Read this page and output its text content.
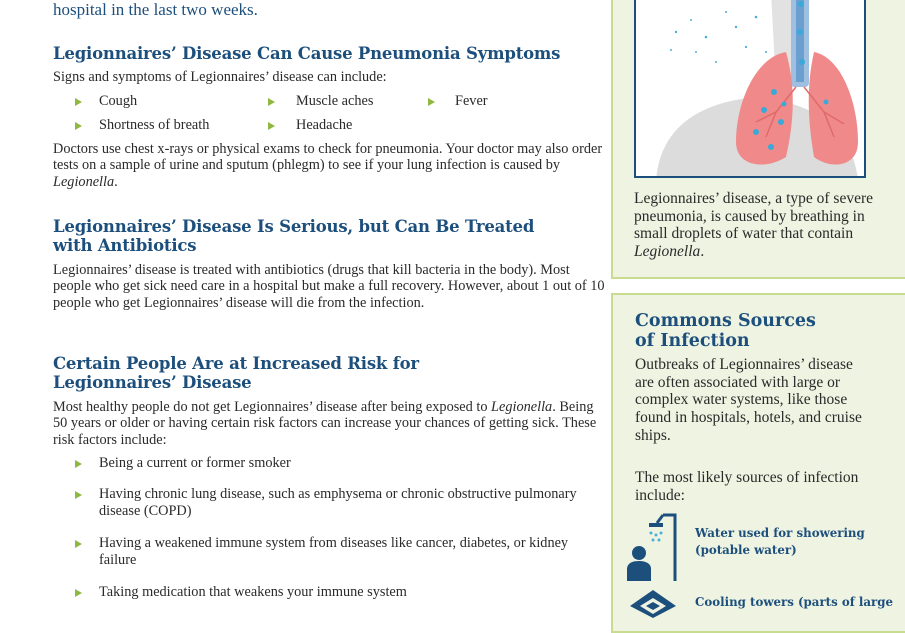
hospital in the last two weeks.

Legionnaires’ Disease Can Cause Pneumonia Symptoms

Signs and symptoms of Legionnaires’ disease can include:

Cough	Muscle aches	Fever
Shortness of breath	Headache

Doctors use chest x-rays or physical exams to check for pneumonia. Your doctor may also order tests on a sample of urine and sputum (phlegm) to see if your lung infection is caused by Legionella.

Legionnaires’ Disease Is Serious, but Can Be Treated
with Antibiotics

Legionnaires’ disease is treated with antibiotics (drugs that kill bacteria in the body). Most people who get sick need care in a hospital but make a full recovery. However, about 1 out of 10 people who get Legionnaires’ disease will die from the infection.

Certain People Are at Increased Risk for
Legionnaires’ Disease

Most healthy people do not get Legionnaires’ disease after being exposed to Legionella. Being 50 years or older or having certain risk factors can increase your chances of getting sick. These risk factors include:

Being a current or former smoker
Having chronic lung disease, such as emphysema or chronic obstructive pulmonary disease (COPD)
Having a weakened immune system from diseases like cancer, diabetes, or kidney failure
Taking medication that weakens your immune system

Legionnaires’ disease, a type of severe pneumonia, is caused by breathing in small droplets of water that contain Legionella.

Commons Sources
of Infection

Outbreaks of Legionnaires’ disease are often associated with large or complex water systems, like those found in hospitals, hotels, and cruise ships.

The most likely sources of infection include:

Water used for showering (potable water)

Cooling towers (parts of large
